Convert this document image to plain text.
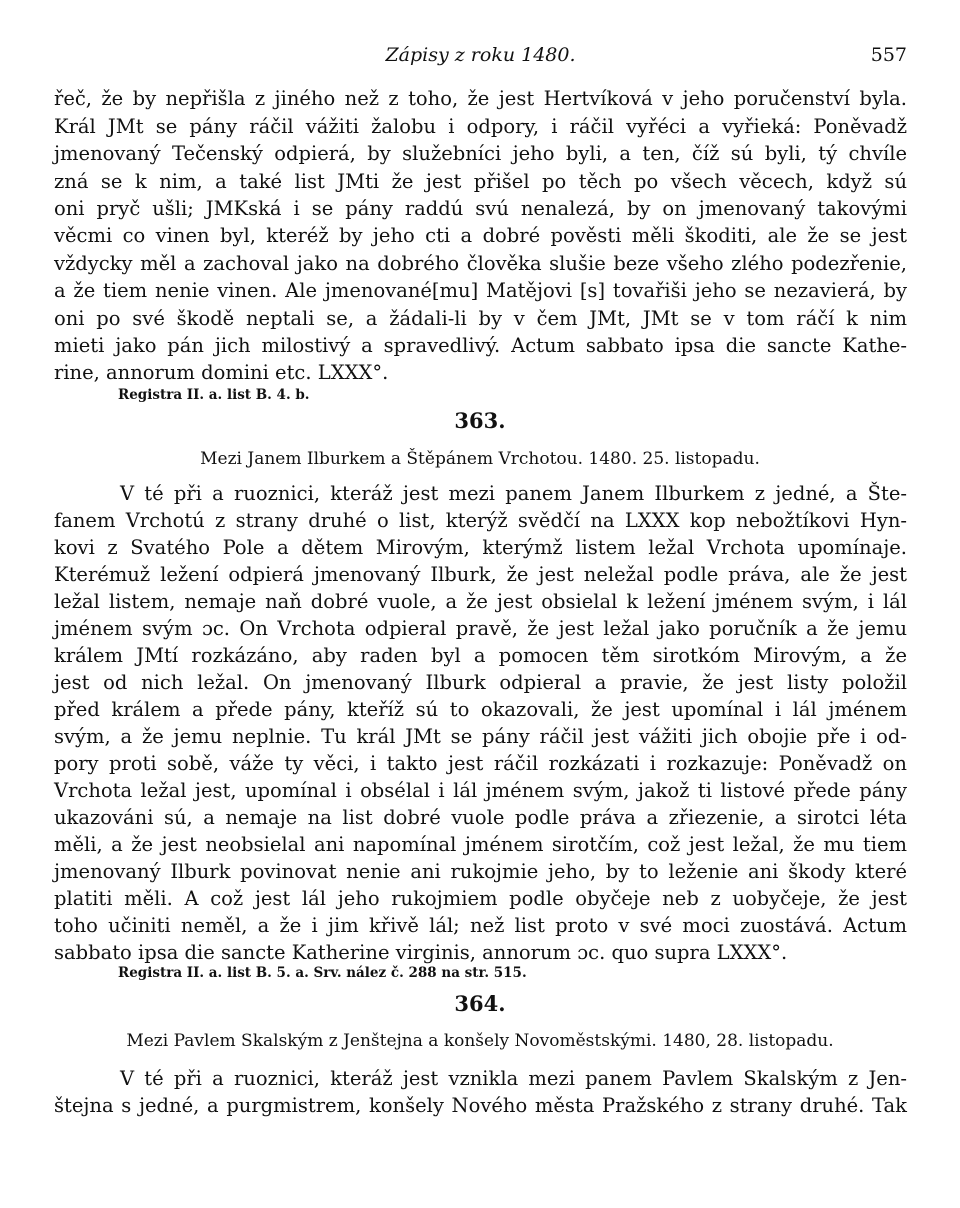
Zápisy z roku 1480.	557
řeč, že by nepřišla z jiného než z toho, že jest Hertvíková v jeho poručenství byla.
Král JMt se pány ráčil vážiti žalobu i odpory, i ráčil vyřéci a vyřieká: Poněvadž
jmenovaný Tečenský odpierá, by služebníci jeho byli, a ten, číž sú byli, tý chvíle
zná se k nim, a také list JMti že jest přišel po těch po všech věcech, když sú
oni pryč ušli; JMKská i se pány raddú svú nenalezá, by on jmenovaný takovými
věcmi co vinen byl, kteréž by jeho cti a dobré pověsti měli škoditi, ale že se jest
vždycky měl a zachoval jako na dobrého člověka slušie beze všeho zlého podezřenie,
a že tiem nenie vinen. Ale jmenované[mu] Matějovi [s] tovařiši jeho se nezavierá, by
oni po své škodě neptali se, a žádali-li by v čem JMt, JMt se v tom ráčí k nim
mieti jako pán jich milostivý a spravedlivý. Actum sabbato ipsa die sancte Kathe-
rine, annorum domini etc. LXXX°.
Registra II. a. list B. 4. b.
363.
Mezi Janem Ilburkem a Štěpánem Vrchotou. 1480. 25. listopadu.
V té při a ruoznici, kteráž jest mezi panem Janem Ilburkem z jedné, a Šte-
fanem Vrchotú z strany druhé o list, kterýž svědčí na LXXX kop nebožtíkovi Hyn-
kovi z Svatého Pole a dětem Mirovým, kterýmž listem ležal Vrchota upomínaje.
Kterémuž ležení odpierá jmenovaný Ilburk, že jest neležal podle práva, ale že jest
ležal listem, nemaje naň dobré vuole, a že jest obsielal k ležení jménem svým, i lál
jménem svým ɔc. On Vrchota odpieral pravě, že jest ležal jako poručník a že jemu
králem JMtí rozkázáno, aby raden byl a pomocen těm sirotkóm Mirovým, a že
jest od nich ležal. On jmenovaný Ilburk odpieral a pravie, že jest listy položil
před králem a přede pány, kteříž sú to okazovali, že jest upomínal i lál jménem
svým, a že jemu neplnie. Tu král JMt se pány ráčil jest vážiti jich obojie pře i od-
pory proti sobě, váže ty věci, i takto jest ráčil rozkázati i rozkazuje: Poněvadž on
Vrchota ležal jest, upomínal i obsélal i lál jménem svým, jakož ti listové přede pány
ukazováni sú, a nemaje na list dobré vuole podle práva a zřiezenie, a sirotci léta
měli, a že jest neobsielal ani napomínal jménem sirotčím, což jest ležal, že mu tiem
jmenovaný Ilburk povinovat nenie ani rukojmie jeho, by to leženie ani škody které
platiti měli. A což jest lál jeho rukojmiem podle obyčeje neb z uobyčeje, že jest
toho učiniti neměl, a že i jim křivě lál; než list proto v své moci zuostává. Actum
sabbato ipsa die sancte Katherine virginis, annorum ɔc. quo supra LXXX°.
Registra II. a. list B. 5. a. Srv. nález č. 288 na str. 515.
364.
Mezi Pavlem Skalským z Jenštejna a konšely Novoměstskými. 1480, 28. listopadu.
V té při a ruoznici, kteráž jest vznikla mezi panem Pavlem Skalským z Jen-
štejna s jedné, a purgmistrem, konšely Nového města Pražského z strany druhé. Tak
